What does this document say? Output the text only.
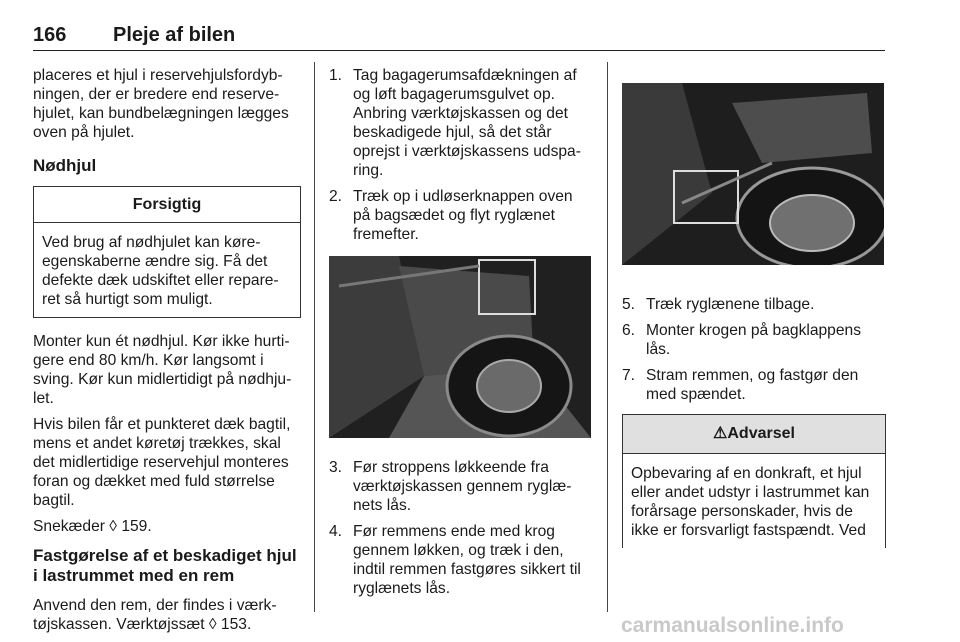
166 Pleje af bilen

placeres et hjul i reservehjulsfordyb-ningen, der er bredere end reserve-hjulet, kan bundbelægningen lægges oven på hjulet.

Nødhjul
Forsigtig
Ved brug af nødhjulet kan køre-egenskaberne ændre sig. Få det defekte dæk udskiftet eller repare-ret så hurtigt som muligt.

Monter kun ét nødhjul. Kør ikke hurti-gere end 80 km/h. Kør langsomt i sving. Kør kun midlertidigt på nødhju-let.

Hvis bilen får et punkteret dæk bagtil, mens et andet køretøj trækkes, skal det midlertidige reservehjul monteres foran og dækket med fuld størrelse bagtil.

Snekæder ◊ 159.

Fastgørelse af et beskadiget hjul i lastrummet med en rem

Anvend den rem, der findes i værk-tøjskassen. Værktøjssæt ◊ 153.

1. Tag bagagerumsafdækningen af og løft bagagerumsgulvet op. Anbring værktøjskassen og det beskadigede hjul, så det står oprejst i værktøjskassens udspa-ring.
2. Træk op i udløserknappen oven på bagsædet og flyt ryglænet fremefter.
3. Før stroppens løkkeende fra værktøjskassen gennem ryglæ-nets lås.
4. Før remmens ende med krog gennem løkken, og træk i den, indtil remmen fastgøres sikkert til ryglænets lås.
5. Træk ryglænene tilbage.
6. Monter krogen på bagklappens lås.
7. Stram remmen, og fastgør den med spændet.
⚠Advarsel
Opbevaring af en donkraft, et hjul eller andet udstyr i lastrummet kan forårsage personskader, hvis de ikke er forsvarligt fastspændt. Ved
carmanualsonline.info
